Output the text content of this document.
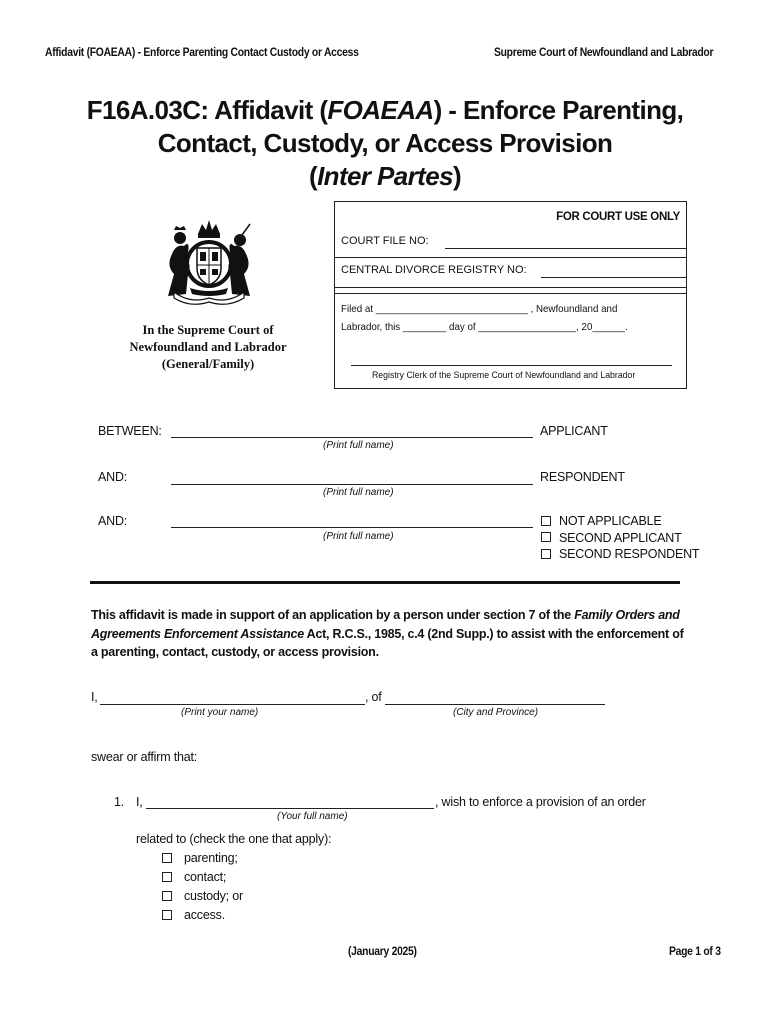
Affidavit (FOAEAA) - Enforce Parenting Contact Custody or Access	Supreme Court of Newfoundland and Labrador
F16A.03C: Affidavit (FOAEAA) - Enforce Parenting,
Contact, Custody, or Access Provision
(Inter Partes)
In the Supreme Court of
Newfoundland and Labrador
(General/Family)
FOR COURT USE ONLY
COURT FILE NO:
CENTRAL DIVORCE REGISTRY NO:
Filed at ____________________________ , Newfoundland and
Labrador, this ________ day of __________________, 20______.
Registry Clerk of the Supreme Court of Newfoundland and Labrador
BETWEEN:
(Print full name)
APPLICANT
AND:
(Print full name)
RESPONDENT
AND:
(Print full name)
NOT APPLICABLE
SECOND APPLICANT
SECOND RESPONDENT
This affidavit is made in support of an application by a person under section 7 of the Family Orders and Agreements Enforcement Assistance Act, R.C.S., 1985, c.4 (2nd Supp.) to assist with the enforcement of a parenting, contact, custody, or access provision.
I,	, of
(Print your name)	(City and Province)
swear or affirm that:
1. I,	, wish to enforce a provision of an order
(Your full name)
related to (check the one that apply):
parenting;
contact;
custody; or
access.
(January 2025)	Page 1 of 3
